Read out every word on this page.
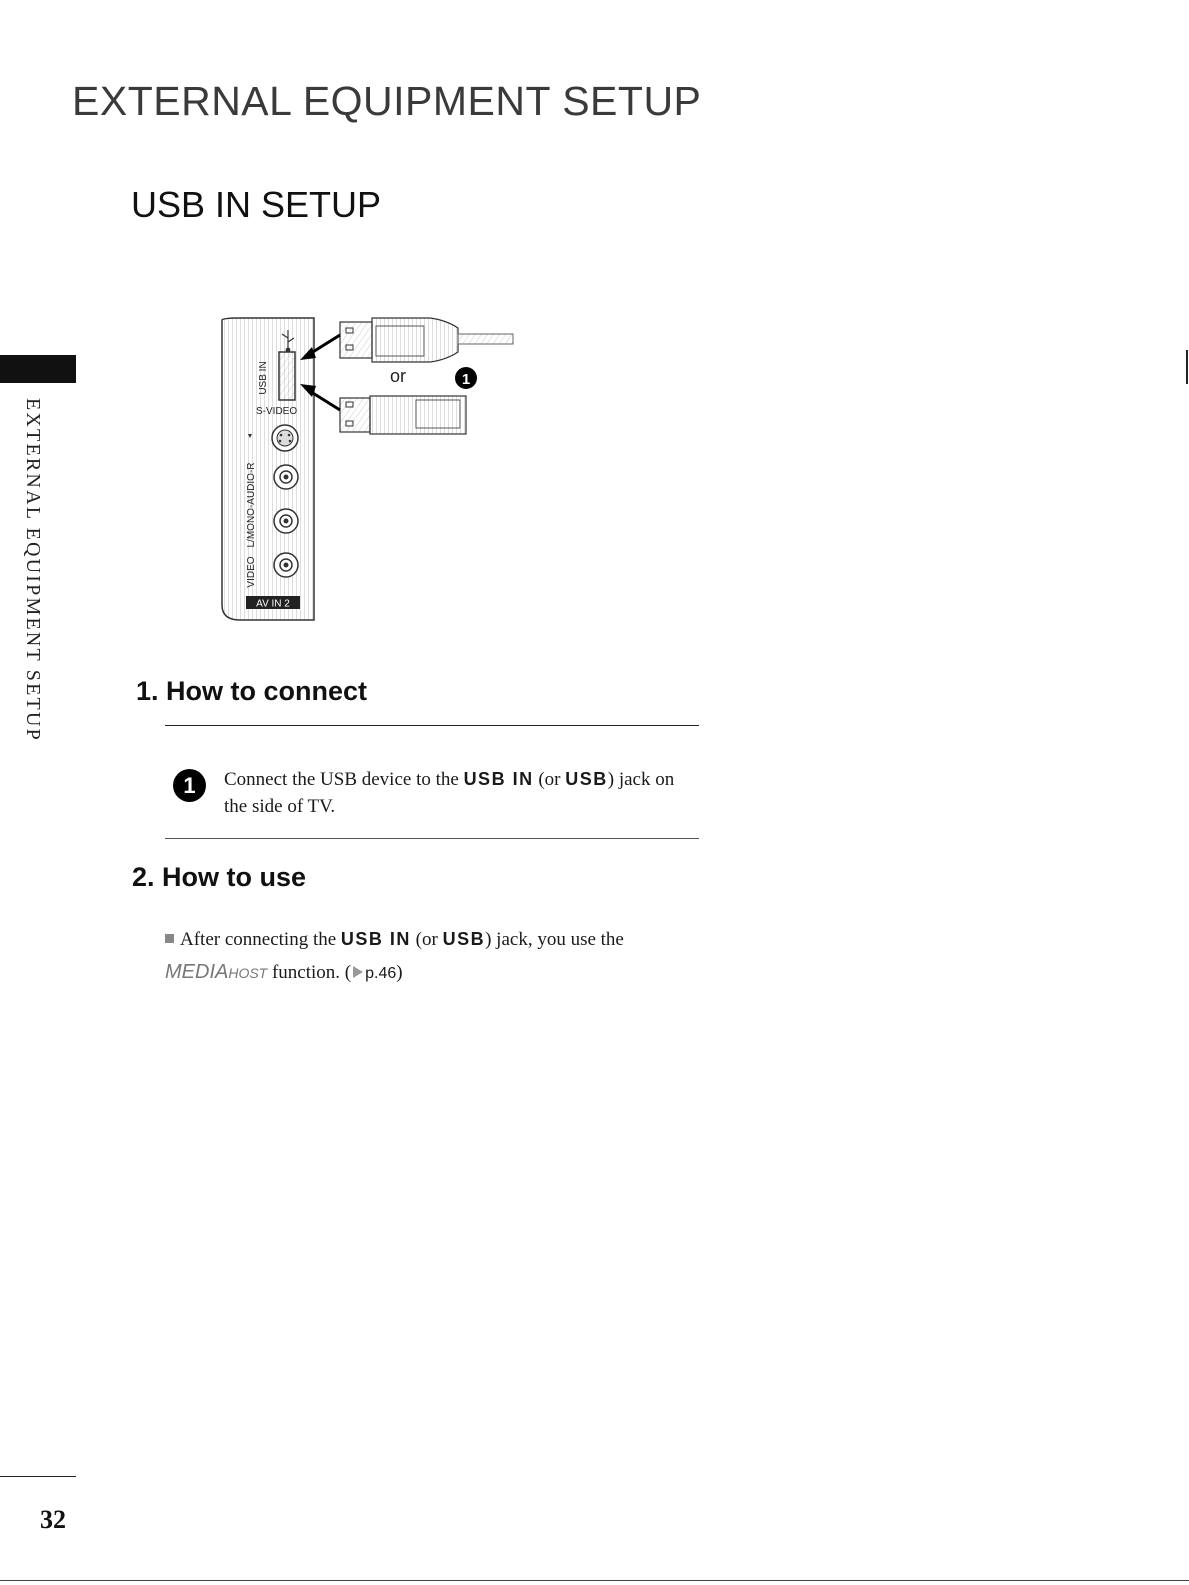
EXTERNAL EQUIPMENT SETUP
USB IN SETUP
EXTERNAL EQUIPMENT SETUP
USB IN
S-VIDEO
L/MONO-AUDIO-R
VIDEO
AV IN 2
or	1
1. How to connect
1	Connect the USB device to the USB IN (or USB) jack on the side of TV.
2. How to use
After connecting the USB IN (or USB) jack, you use the
MEDIAHOST function. ( p.46)
32
